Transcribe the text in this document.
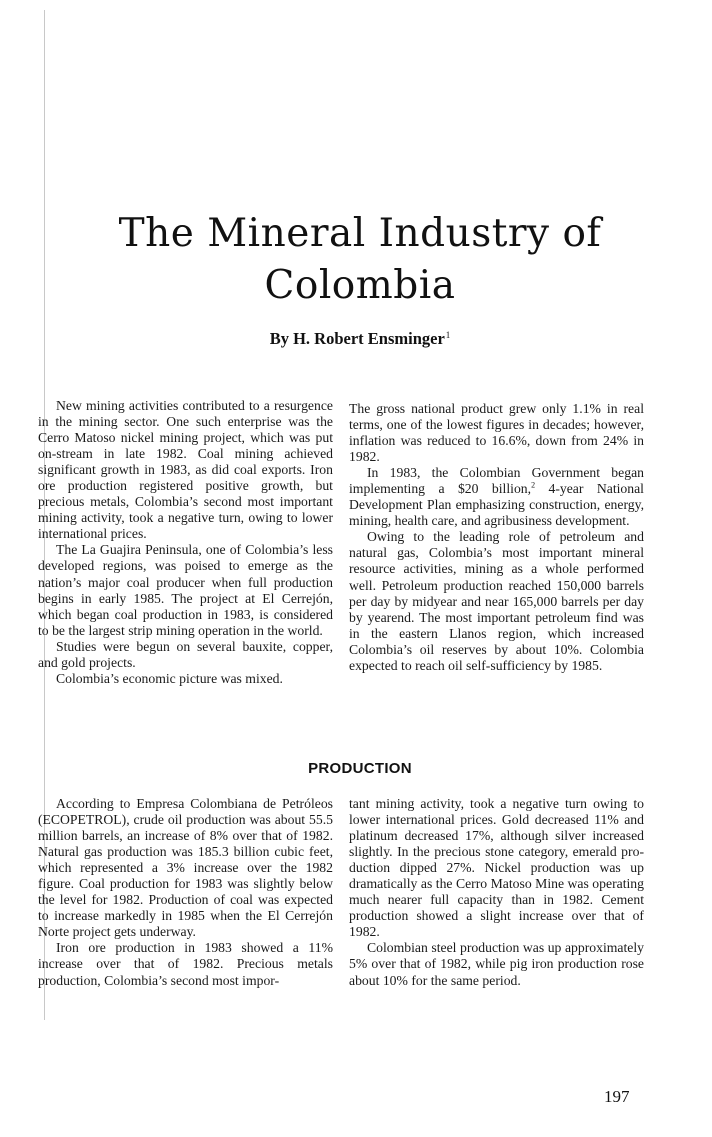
The Mineral Industry of
Colombia
By H. Robert Ensminger$^1$

New mining activities contributed to a resurgence in the mining sector. One such enterprise was the Cerro Matoso nickel mining project, which was put on-stream in late 1982. Coal mining achieved significant growth in 1983, as did coal exports. Iron ore production registered positive growth, but precious metals, Colombia’s second most important mining activity, took a negative turn, owing to lower international prices.

The La Guajira Peninsula, one of Colombia’s less developed regions, was poised to emerge as the nation’s major coal producer when full production begins in early 1985. The project at El Cerrejón, which began coal production in 1983, is considered to be the largest strip mining operation in the world.

Studies were begun on several bauxite, copper, and gold projects.

Colombia’s economic picture was mixed.

The gross national product grew only 1.1% in real terms, one of the lowest figures in decades; however, inflation was reduced to 16.6%, down from 24% in 1982.

In 1983, the Colombian Government began implementing a $20 billion,$^2$ 4-year National Development Plan emphasizing construction, energy, mining, health care, and agribusiness development.

Owing to the leading role of petroleum and natural gas, Colombia’s most important mineral resource activities, mining as a whole performed well. Petroleum production reached 150,000 barrels per day by midyear and near 165,000 barrels per day by yearend. The most important petroleum find was in the eastern Llanos region, which increased Colombia’s oil reserves by about 10%. Colombia expected to reach oil self-sufficiency by 1985.

PRODUCTION

According to Empresa Colombiana de Petróleos (ECOPETROL), crude oil production was about 55.5 million barrels, an increase of 8% over that of 1982. Natural gas production was 185.3 billion cubic feet, which represented a 3% increase over the 1982 figure. Coal production for 1983 was slightly below the level for 1982. Production of coal was expected to increase markedly in 1985 when the El Cerrejón Norte project gets underway.

Iron ore production in 1983 showed a 11% increase over that of 1982. Precious metals production, Colombia’s second most impor-

tant mining activity, took a negative turn owing to lower international prices. Gold decreased 11% and platinum decreased 17%, although silver increased slightly. In the precious stone category, emerald production dipped 27%. Nickel production was up dramatically as the Cerro Matoso Mine was operating much nearer full capacity than in 1982. Cement production showed a slight increase over that of 1982.

Colombian steel production was up approximately 5% over that of 1982, while pig iron production rose about 10% for the same period.

197
